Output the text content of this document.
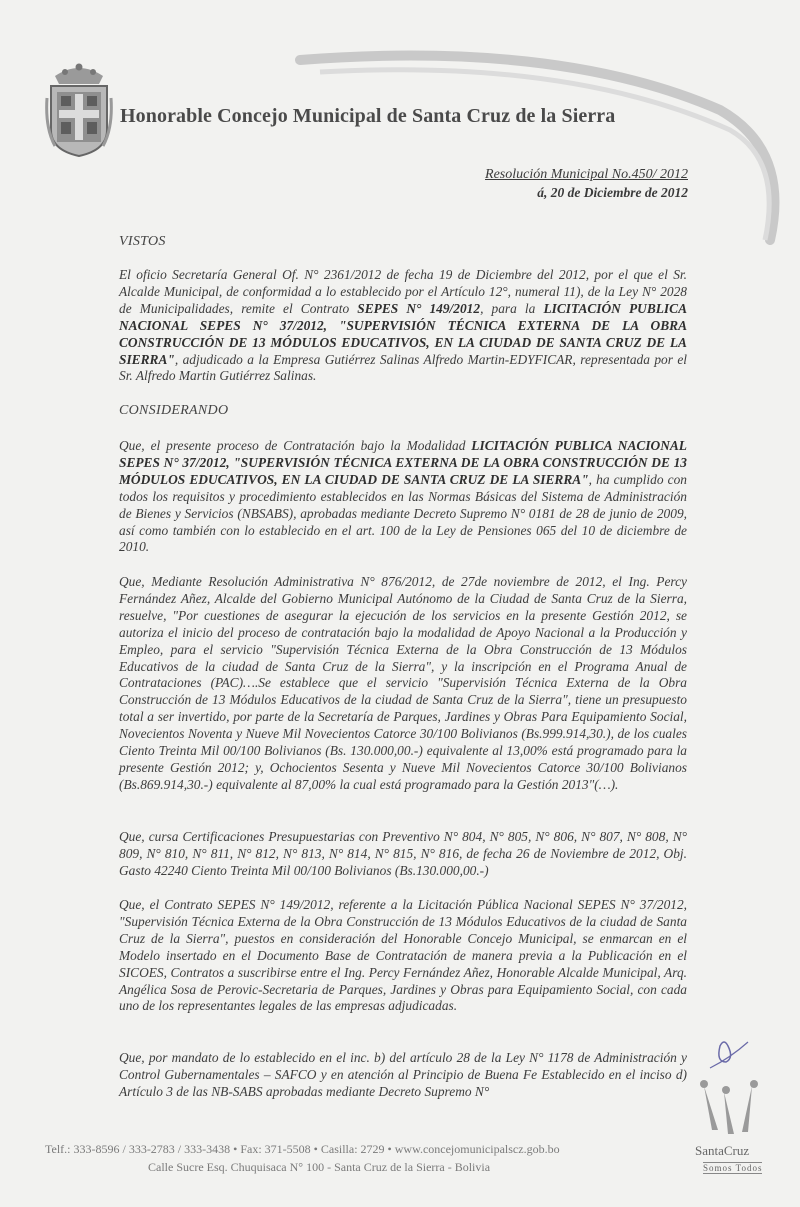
Honorable Concejo Municipal de Santa Cruz de la Sierra
Resolución Municipal No.450/ 2012
á, 20 de Diciembre de 2012
VISTOS
El oficio Secretaría General Of. N° 2361/2012 de fecha 19 de Diciembre del 2012, por el que el Sr. Alcalde Municipal, de conformidad a lo establecido por el Artículo 12°, numeral 11), de la Ley N° 2028 de Municipalidades, remite el Contrato SEPES N° 149/2012, para la LICITACIÓN PUBLICA NACIONAL SEPES N° 37/2012, "SUPERVISIÓN TÉCNICA EXTERNA DE LA OBRA CONSTRUCCIÓN DE 13 MÓDULOS EDUCATIVOS, EN LA CIUDAD DE SANTA CRUZ DE LA SIERRA", adjudicado a la Empresa Gutiérrez Salinas Alfredo Martin-EDYFICAR, representada por el Sr. Alfredo Martin Gutiérrez Salinas.
CONSIDERANDO
Que, el presente proceso de Contratación bajo la Modalidad LICITACIÓN PUBLICA NACIONAL SEPES N° 37/2012, "SUPERVISIÓN TÉCNICA EXTERNA DE LA OBRA CONSTRUCCIÓN DE 13 MÓDULOS EDUCATIVOS, EN LA CIUDAD DE SANTA CRUZ DE LA SIERRA", ha cumplido con todos los requisitos y procedimiento establecidos en las Normas Básicas del Sistema de Administración de Bienes y Servicios (NBSABS), aprobadas mediante Decreto Supremo N° 0181 de 28 de junio de 2009, así como también con lo establecido en el art. 100 de la Ley de Pensiones 065 del 10 de diciembre de 2010.
Que, Mediante Resolución Administrativa N° 876/2012, de 27de noviembre de 2012, el Ing. Percy Fernández Añez, Alcalde del Gobierno Municipal Autónomo de la Ciudad de Santa Cruz de la Sierra, resuelve, "Por cuestiones de asegurar la ejecución de los servicios en la presente Gestión 2012, se autoriza el inicio del proceso de contratación bajo la modalidad de Apoyo Nacional a la Producción y Empleo, para el servicio "Supervisión Técnica Externa de la Obra Construcción de 13 Módulos Educativos de la ciudad de Santa Cruz de la Sierra", y la inscripción en el Programa Anual de Contrataciones (PAC)….Se establece que el servicio "Supervisión Técnica Externa de la Obra Construcción de 13 Módulos Educativos de la ciudad de Santa Cruz de la Sierra", tiene un presupuesto total a ser invertido, por parte de la Secretaría de Parques, Jardines y Obras Para Equipamiento Social, Novecientos Noventa y Nueve Mil Novecientos Catorce 30/100 Bolivianos (Bs.999.914,30.), de los cuales Ciento Treinta Mil 00/100 Bolivianos (Bs. 130.000,00.-) equivalente al 13,00% está programado para la presente Gestión 2012; y, Ochocientos Sesenta y Nueve Mil Novecientos Catorce 30/100 Bolivianos (Bs.869.914,30.-) equivalente al 87,00% la cual está programado para la Gestión 2013"(…).
Que, cursa Certificaciones Presupuestarias con Preventivo N° 804, N° 805, N° 806, N° 807, N° 808, N° 809, N° 810, N° 811, N° 812, N° 813, N° 814, N° 815, N° 816, de fecha 26 de Noviembre de 2012, Obj. Gasto 42240 Ciento Treinta Mil 00/100 Bolivianos (Bs.130.000,00.-)
Que, el Contrato SEPES N° 149/2012, referente a la Licitación Pública Nacional SEPES N° 37/2012, "Supervisión Técnica Externa de la Obra Construcción de 13 Módulos Educativos de la ciudad de Santa Cruz de la Sierra", puestos en consideración del Honorable Concejo Municipal, se enmarcan en el Modelo insertado en el Documento Base de Contratación de manera previa a la Publicación en el SICOES, Contratos a suscribirse entre el Ing. Percy Fernández Añez, Honorable Alcalde Municipal, Arq. Angélica Sosa de Perovic-Secretaria de Parques, Jardines y Obras para Equipamiento Social, con cada uno de los representantes legales de las empresas adjudicadas.
Que, por mandato de lo establecido en el inc. b) del artículo 28 de la Ley N° 1178 de Administración y Control Gubernamentales – SAFCO y en atención al Principio de Buena Fe Establecido en el inciso d) Artículo 3 de las NB-SABS aprobadas mediante Decreto Supremo N°
Telf.: 333-8596 / 333-2783 / 333-3438 • Fax: 371-5508 • Casilla: 2729 • www.concejomunicipalscz.gob.bo
Calle Sucre Esq. Chuquisaca N° 100 - Santa Cruz de la Sierra - Bolivia
SantaCruz
Somos Todos
